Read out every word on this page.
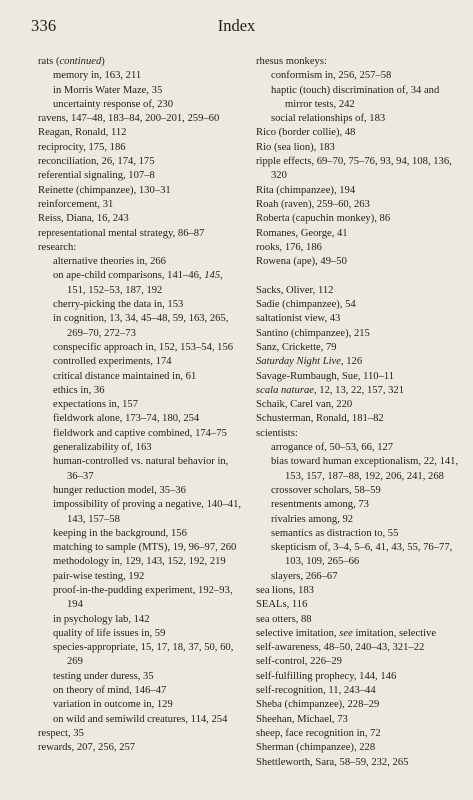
336	Index
rats (continued)
memory in, 163, 211
in Morris Water Maze, 35
uncertainty response of, 230
ravens, 147–48, 183–84, 200–201, 259–60
Reagan, Ronald, 112
reciprocity, 175, 186
reconciliation, 26, 174, 175
referential signaling, 107–8
Reinette (chimpanzee), 130–31
reinforcement, 31
Reiss, Diana, 16, 243
representational mental strategy, 86–87
research:
alternative theories in, 266
on ape-child comparisons, 141–46, 145, 151, 152–53, 187, 192
cherry-picking the data in, 153
in cognition, 13, 34, 45–48, 59, 163, 265, 269–70, 272–73
conspecific approach in, 152, 153–54, 156
controlled experiments, 174
critical distance maintained in, 61
ethics in, 36
expectations in, 157
fieldwork alone, 173–74, 180, 254
fieldwork and captive combined, 174–75
generalizability of, 163
human-controlled vs. natural behavior in, 36–37
hunger reduction model, 35–36
impossibility of proving a negative, 140–41, 143, 157–58
keeping in the background, 156
matching to sample (MTS), 19, 96–97, 260
methodology in, 129, 143, 152, 192, 219
pair-wise testing, 192
proof-in-the-pudding experiment, 192–93, 194
in psychology lab, 142
quality of life issues in, 59
species-appropriate, 15, 17, 18, 37, 50, 60, 269
testing under duress, 35
on theory of mind, 146–47
variation in outcome in, 129
on wild and semiwild creatures, 114, 254
respect, 35
rewards, 207, 256, 257
rhesus monkeys:
conformism in, 256, 257–58
haptic (touch) discrimination of, 34 and mirror tests, 242
social relationships of, 183
Rico (border collie), 48
Rio (sea lion), 183
ripple effects, 69–70, 75–76, 93, 94, 108, 136, 320
Rita (chimpanzee), 194
Roah (raven), 259–60, 263
Roberta (capuchin monkey), 86
Romanes, George, 41
rooks, 176, 186
Rowena (ape), 49–50
Sacks, Oliver, 112
Sadie (chimpanzee), 54
saltationist view, 43
Santino (chimpanzee), 215
Sanz, Crickette, 79
Saturday Night Live, 126
Savage-Rumbaugh, Sue, 110–11
scala naturae, 12, 13, 22, 157, 321
Schaik, Carel van, 220
Schusterman, Ronald, 181–82
scientists:
arrogance of, 50–53, 66, 127
bias toward human exceptionalism, 22, 141, 153, 157, 187–88, 192, 206, 241, 268
crossover scholars, 58–59
resentments among, 73
rivalries among, 92
semantics as distraction to, 55
skepticism of, 3–4, 5–6, 41, 43, 55, 76–77, 103, 109, 265–66
slayers, 266–67
sea lions, 183
SEALs, 116
sea otters, 88
selective imitation, see imitation, selective
self-awareness, 48–50, 240–43, 321–22
self-control, 226–29
self-fulfilling prophecy, 144, 146
self-recognition, 11, 243–44
Sheba (chimpanzee), 228–29
Sheehan, Michael, 73
sheep, face recognition in, 72
Sherman (chimpanzee), 228
Shettleworth, Sara, 58–59, 232, 265
